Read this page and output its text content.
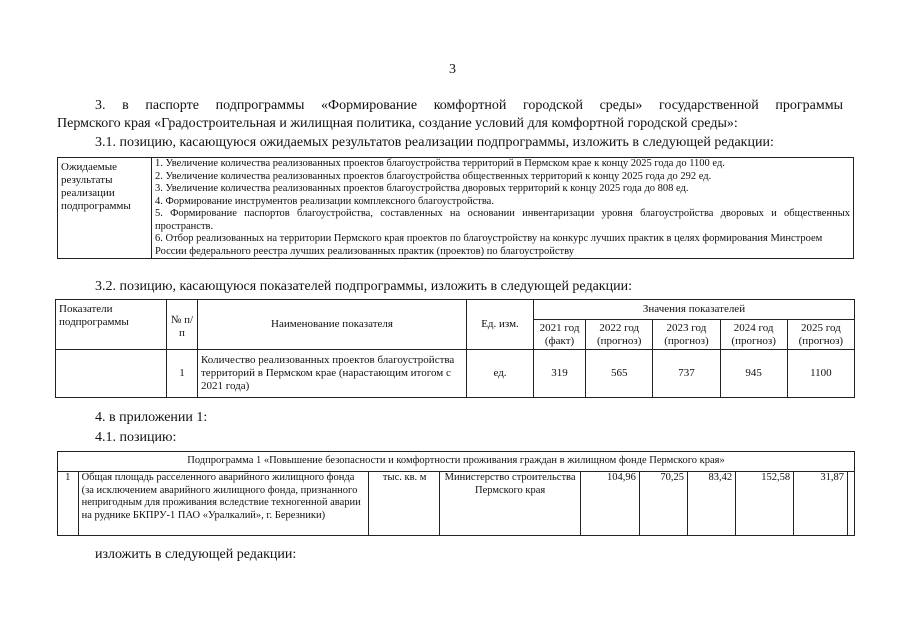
3
3. в паспорте подпрограммы «Формирование комфортной городской среды» государственной программы
Пермского края «Градостроительная и жилищная политика, создание условий для комфортной городской среды»:
3.1. позицию, касающуюся ожидаемых результатов реализации подпрограммы, изложить в следующей редакции:
Ожидаемые результаты реализации подпрограммы	
1. Увеличение количества реализованных проектов благоустройства территорий в Пермском крае к концу 2025 года до 1100 ед.
2. Увеличение количества реализованных проектов благоустройства общественных территорий к концу 2025 года до 292 ед.
3. Увеличение количества реализованных проектов благоустройства дворовых территорий к концу 2025 года до 808 ед.
4. Формирование инструментов реализации комплексного благоустройства.
5. Формирование паспортов благоустройства, составленных на основании инвентаризации уровня благоустройства дворовых и общественных пространств.
6. Отбор реализованных на территории Пермского края проектов по благоустройству на конкурс лучших практик в целях формирования Минстроем России федерального реестра лучших реализованных практик (проектов) по благоустройству
3.2. позицию, касающуюся показателей подпрограммы, изложить в следующей редакции:
Показатели подпрограммы	№ п/п	Наименование показателя	Ед. изм.	Значения показателей				
				2021 год (факт)	2022 год (прогноз)	2023 год (прогноз)	2024 год (прогноз)	2025 год (прогноз)
	1	Количество реализованных проектов благоустройства территорий в Пермском крае (нарастающим итогом с 2021 года)	ед.	319	565	737	945	1100
4. в приложении 1:
4.1. позицию:
Подпрограмма 1 «Повышение безопасности и комфортности проживания граждан в жилищном фонде Пермского края»
1	Общая площадь расселенного аварийного жилищного фонда (за исключением аварийного жилищного фонда, признанного непригодным для проживания вследствие техногенной аварии на руднике БКПРУ-1 ПАО «Уралкалий», г. Березники)	тыс. кв. м	Министерство строительства Пермского края	104,96	70,25	83,42	152,58	31,87	
изложить в следующей редакции:
